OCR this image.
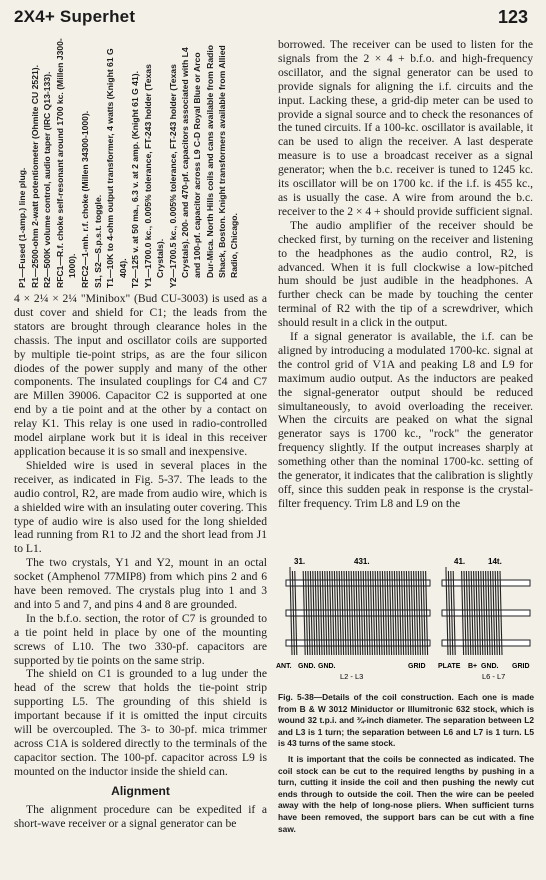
2X4+ Superhet	123
P1—Fused (1-amp.) line plug. R1—2500-ohm 2-watt potentiometer (Ohmite CU 2521). R2—500K volume control, audio taper (IRC Q13-133). RFC1—R.f. choke self-resonant around 1700 kc. (Millen J300-1000). RFC2—1-mh. r.f. choke (Millen 34300-1000). S1, S2—S.p.s.t. toggle. T1—10K to 4-ohm output transformer, 4 watts (Knight 61 G 404). T2—125 v. at 50 ma., 6.3 v. at 2 amp. (Knight 61 G 41). Y1—1700.0 kc., 0.005% tolerance, FT-243 holder (Texas Crystals). Y2—1700.5 kc., 0.005% tolerance, FT-243 holder (Texas Crystals). 200- and 470-pf. capacitors associated with L4 and 100-pf. capacitor across L9 C-D Royal Blue or Arco Dur-Mica. North Hills coils and cans available from Radio Shack, Boston. Knight transformers available from Allied Radio, Chicago.

4 × 2¼ × 2¼ "Minibox" (Bud CU-3003) is used as a dust cover and shield for C1; the leads from the stators are brought through clearance holes in the chassis. The input and oscillator coils are supported by multiple tie-point strips, as are the four silicon diodes of the power supply and many of the other components. The insulated couplings for C4 and C7 are Millen 39006. Capacitor C2 is supported at one end by a tie point and at the other by a contact on relay K1. This relay is one used in radio-controlled model airplane work but it is ideal in this receiver application because it is so small and inexpensive.

Shielded wire is used in several places in the receiver, as indicated in Fig. 5-37. The leads to the audio control, R2, are made from audio wire, which is a shielded wire with an insulating outer covering. This type of audio wire is also used for the long shielded lead running from R1 to J2 and the short lead from J1 to L1.

The two crystals, Y1 and Y2, mount in an octal socket (Amphenol 77MIP8) from which pins 2 and 6 have been removed. The crystals plug into 1 and 3 and into 5 and 7, and pins 4 and 8 are grounded.

In the b.f.o. section, the rotor of C7 is grounded to a tie point held in place by one of the mounting screws of L10. The two 330-pf. capacitors are supported by tie points on the same strip.

The shield on C1 is grounded to a lug under the head of the screw that holds the tie-point strip supporting L5. The grounding of this shield is important because if it is omitted the input circuits will be overcoupled. The 3- to 30-pf. mica trimmer across C1A is soldered directly to the terminals of the capacitor section. The 100-pf. capacitor across L9 is mounted on the inductor inside the shield can.

Alignment

The alignment procedure can be expedited if a short-wave receiver or a signal generator can be

borrowed. The receiver can be used to listen for the signals from the 2 × 4 + b.f.o. and high-frequency oscillator, and the signal generator can be used to provide signals for aligning the i.f. circuits and the input. Lacking these, a grid-dip meter can be used to provide a signal source and to check the resonances of the tuned circuits. If a 100-kc. oscillator is available, it can be used to align the receiver. A last desperate measure is to use a broadcast receiver as a signal generator; when the b.c. receiver is tuned to 1245 kc. its oscillator will be on 1700 kc. if the i.f. is 455 kc., as is usually the case. A wire from around the b.c. receiver to the 2 × 4 + should provide sufficient signal.

The audio amplifier of the receiver should be checked first, by turning on the receiver and listening to the headphones as the audio control, R2, is advanced. When it is full clockwise a low-pitched hum should be just audible in the headphones. A further check can be made by touching the center terminal of R2 with the tip of a screwdriver, which should result in a click in the output.

If a signal generator is available, the i.f. can be aligned by introducing a modulated 1700-kc. signal at the control grid of V1A and peaking L8 and L9 for maximum audio output. As the inductors are peaked the signal-generator output should be reduced simultaneously, to avoid overloading the receiver. When the circuits are peaked on what the signal generator says is 1700 kc., "rock" the generator frequency slightly. If the output increases sharply at something other than the nominal 1700-kc. setting of the generator, it indicates that the calibration is slightly off, since this sudden peak in response is the crystal-filter frequency. Trim L8 and L9 on the

31.	431.	41.	14t.
ANT. GND. GND.	GRID
L2 - L3
PLATE B+ GND. GRID
L6 - L7

Fig. 5-38—Details of the coil construction. Each one is made from B & W 3012 Miniductor or Illumitronic 632 stock, which is wound 32 t.p.i. and ¾-inch diameter. The separation between L2 and L3 is 1 turn; the separation between L6 and L7 is 1 turn. L5 is 43 turns of the same stock.

It is important that the coils be connected as indicated. The coil stock can be cut to the required lengths by pushing in a turn, cutting it inside the coil and then pushing the newly cut ends through to outside the coil. Then the wire can be peeled away with the help of long-nose pliers. When sufficient turns have been removed, the support bars can be cut with a fine saw.
